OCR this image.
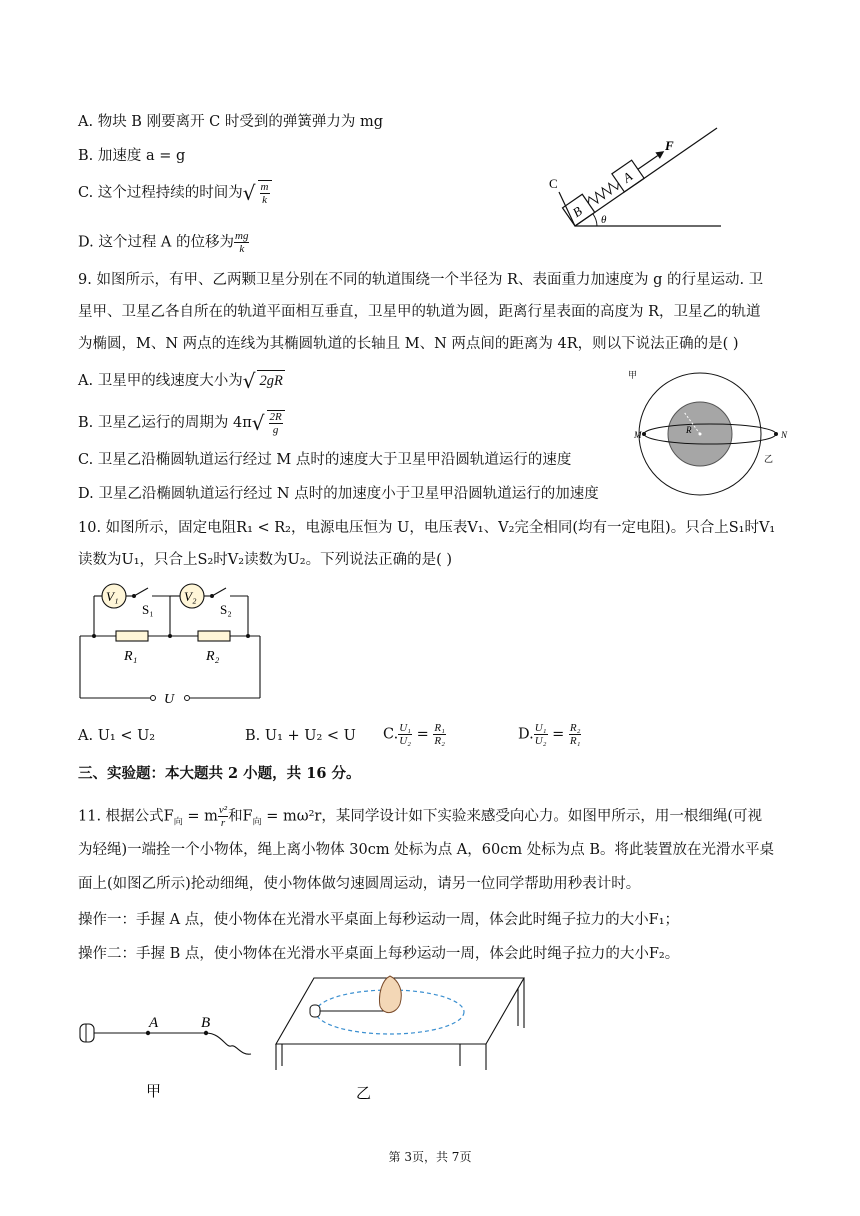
A. 物块 B 刚要离开 C 时受到的弹簧弹力为 mg
B. 加速度 a = g
C. 这个过程持续的时间为√ $\frac{m}{k}$
D. 这个过程 A 的位移为 $\frac{mg}{k}$
C
B
A
F
θ
9. 如图所示，有甲、乙两颗卫星分别在不同的轨道围绕一个半径为 R、表面重力加速度为 g 的行星运动. 卫
星甲、卫星乙各自所在的轨道平面相互垂直，卫星甲的轨道为圆，距离行星表面的高度为 R，卫星乙的轨道
为椭圆，M、N 两点的连线为其椭圆轨道的长轴且 M、N 两点间的距离为 4R，则以下说法正确的是( )
A. 卫星甲的线速度大小为√ 2gR
B. 卫星乙运行的周期为 $4\pi√ \frac{2R}{g}$
C. 卫星乙沿椭圆轨道运行经过 M 点时的速度大于卫星甲沿圆轨道运行的速度
D. 卫星乙沿椭圆轨道运行经过 N 点时的加速度小于卫星甲沿圆轨道运行的加速度
M	N
R
甲
乙
10. 如图所示，固定电阻R₁ < R₂，电源电压恒为 U，电压表V₁、V₂完全相同(均有一定电阻)。只合上S₁时V₁
读数为U₁，只合上S₂时V₂读数为U₂。下列说法正确的是( )
V₁	V₂
S₁	S₂
R₁	R₂
U
A. U₁ < U₂	B. U₁ + U₂ < U C. $\frac{\text{U₁}}{\text{U₂}} = \frac{\text{R₁}}{\text{R₂}}$	D. $\frac{\text{U₁}}{\text{U₂}} = \frac{\text{R₂}}{\text{R₁}}$
三、实验题：本大题共 2 小题，共 16 分。
11. 根据公式$F_向 = m \frac{\text{v²}}{r}$ 和$F_向 = m\omega^2r$，某同学设计如下实验来感受向心力。如图甲所示，用一根细绳(可视
为轻绳)一端拴一个小物体，绳上离小物体 30cm 处标为点 A，60cm 处标为点 B。将此装置放在光滑水平桌
面上(如图乙所示)抡动细绳，使小物体做匀速圆周运动，请另一位同学帮助用秒表计时。
操作一：手握 A 点，使小物体在光滑水平桌面上每秒运动一周，体会此时绳子拉力的大小F₁；
操作二：手握 B 点，使小物体在光滑水平桌面上每秒运动一周，体会此时绳子拉力的大小F₂。
A	B
甲	乙
第 3页，共 7页
